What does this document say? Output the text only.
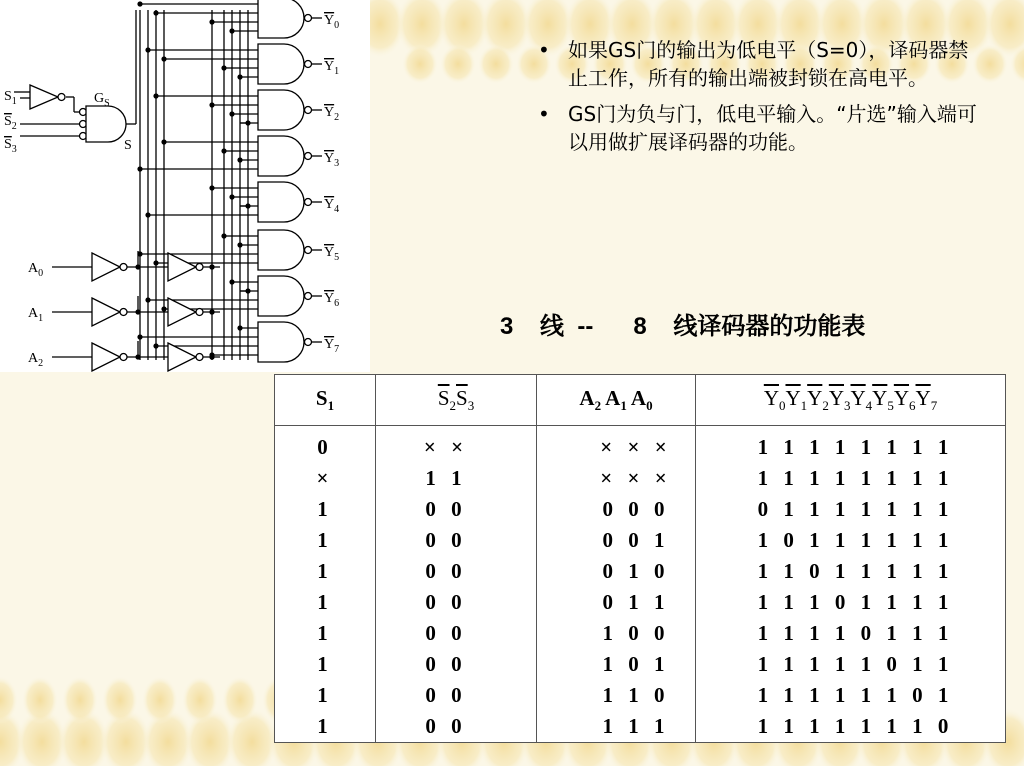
$S_1$
$S_2$
$S_3$
$G_S$
S
$Y_0$
$Y_1$
$Y_2$
$Y_3$
$Y_4$
$Y_5$
$Y_6$
$Y_7$
$A_0$
$A_1$
$A_2$
• 如果GS门的输出为低电平（S=0），译码器禁止工作，所有的输出端被封锁在高电平。
• GS门为负与门，低电平输入。“片选”输入端可以用做扩展译码器的功能。
3 线 -- 8 线译码器的功能表
$S_1$	$\overline{S}_2\overline{S}_3$	$A_2$ $A_1$ $A_0$	$\overline{Y}_0\overline{Y}_1\overline{Y}_2\overline{Y}_3\overline{Y}_4\overline{Y}_5\overline{Y}_6\overline{Y}_7$
0	× ×	× × ×	1 1 1 1 1 1 1 1
×	1 1	× × ×	1 1 1 1 1 1 1 1
1	0 0	0 0 0	0 1 1 1 1 1 1 1
1	0 0	0 0 1	1 0 1 1 1 1 1 1
1	0 0	0 1 0	1 1 0 1 1 1 1 1
1	0 0	0 1 1	1 1 1 0 1 1 1 1
1	0 0	1 0 0	1 1 1 1 0 1 1 1
1	0 0	1 0 1	1 1 1 1 1 0 1 1
1	0 0	1 1 0	1 1 1 1 1 1 0 1
1	0 0	1 1 1	1 1 1 1 1 1 1 0
